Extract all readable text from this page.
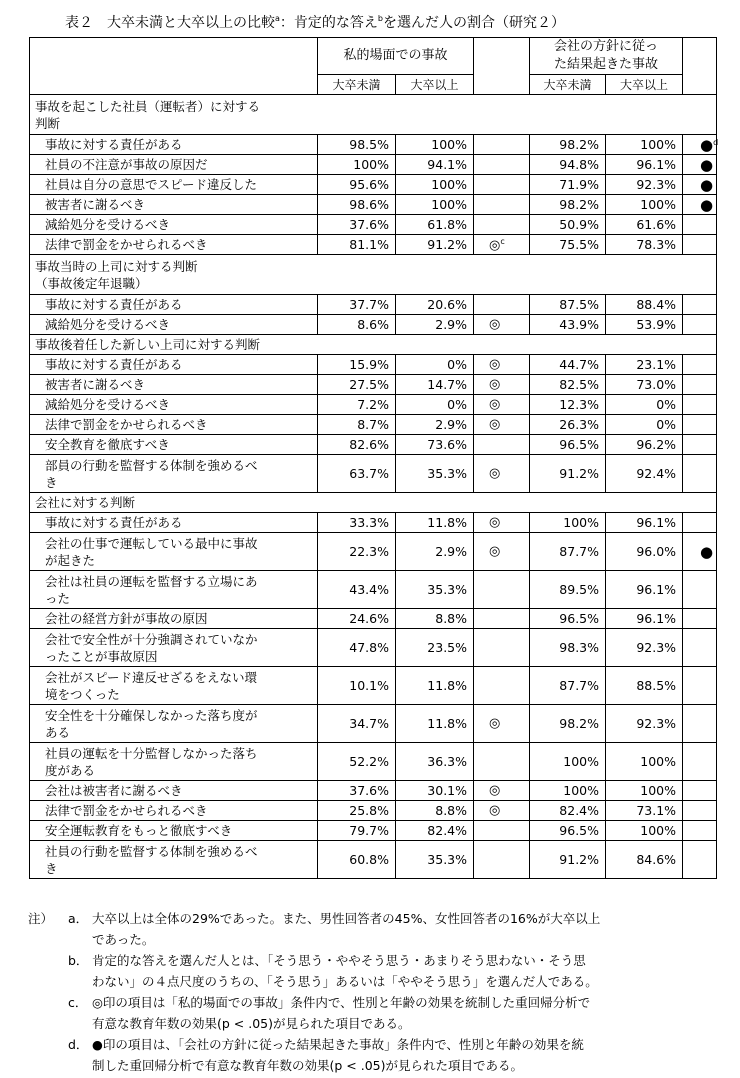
表２　大卒未満と大卒以上の比較$^a$：肯定的な答え$^b$を選んだ人の割合（研究２）
	私的場面での事故			会社の方針に従っ
た結果起きた事故		

	大卒未満	大卒以上		大卒未満	大卒以上	

事故を起こした社員（運転者）に対する
判断						

事故に対する責任がある	98.5%	100%		98.2%	100%	●$^d$

社員の不注意が事故の原因だ	100%	94.1%		94.8%	96.1%	●

社員は自分の意思でスピード違反した	95.6%	100%		71.9%	92.3%	●

被害者に謝るべき	98.6%	100%		98.2%	100%	●

減給処分を受けるべき	37.6%	61.8%		50.9%	61.6%	

法律で罰金をかせられるべき	81.1%	91.2%	◎$^c$	75.5%	78.3%	

事故当時の上司に対する判断
（事故後定年退職）						

事故に対する責任がある	37.7%	20.6%		87.5%	88.4%	

減給処分を受けるべき	8.6%	2.9%	◎	43.9%	53.9%	

事故後着任した新しい上司に対する判断						

事故に対する責任がある	15.9%	0%	◎	44.7%	23.1%	

被害者に謝るべき	27.5%	14.7%	◎	82.5%	73.0%	

減給処分を受けるべき	7.2%	0%	◎	12.3%	0%	

法律で罰金をかせられるべき	8.7%	2.9%	◎	26.3%	0%	

安全教育を徹底すべき	82.6%	73.6%		96.5%	96.2%	

部員の行動を監督する体制を強めるべ
き	63.7%	35.3%	◎	91.2%	92.4%	

会社に対する判断						

事故に対する責任がある	33.3%	11.8%	◎	100%	96.1%	

会社の仕事で運転している最中に事故
が起きた	22.3%	2.9%	◎	87.7%	96.0%	●

会社は社員の運転を監督する立場にあ
った	43.4%	35.3%		89.5%	96.1%	

会社の経営方針が事故の原因	24.6%	8.8%		96.5%	96.1%	

会社で安全性が十分強調されていなか
ったことが事故原因	47.8%	23.5%		98.3%	92.3%	

会社がスピード違反せざるをえない環
境をつくった	10.1%	11.8%		87.7%	88.5%	

安全性を十分確保しなかった落ち度が
ある	34.7%	11.8%	◎	98.2%	92.3%	

社員の運転を十分監督しなかった落ち
度がある	52.2%	36.3%		100%	100%	

会社は被害者に謝るべき	37.6%	30.1%	◎	100%	100%	

法律で罰金をかせられるべき	25.8%	8.8%	◎	82.4%	73.1%	

安全運転教育をもっと徹底すべき	79.7%	82.4%		96.5%	100%	

社員の行動を監督する体制を強めるべ
き	60.8%	35.3%		91.2%	84.6%	
注）	a． 大卒以上は全体の29%であった。また、男性回答者の45%、女性回答者の16%が大卒以上
であった。
b． 肯定的な答えを選んだ人とは、「そう思う・ややそう思う・あまりそう思わない・そう思
わない」の４点尺度のうちの、「そう思う」あるいは「ややそう思う」を選んだ人である。
c． ◎印の項目は「私的場面での事故」条件内で、性別と年齢の効果を統制した重回帰分析で
有意な教育年数の効果(p < .05)が見られた項目である。
d． ●印の項目は、「会社の方針に従った結果起きた事故」条件内で、性別と年齢の効果を統
制した重回帰分析で有意な教育年数の効果(p < .05)が見られた項目である。
